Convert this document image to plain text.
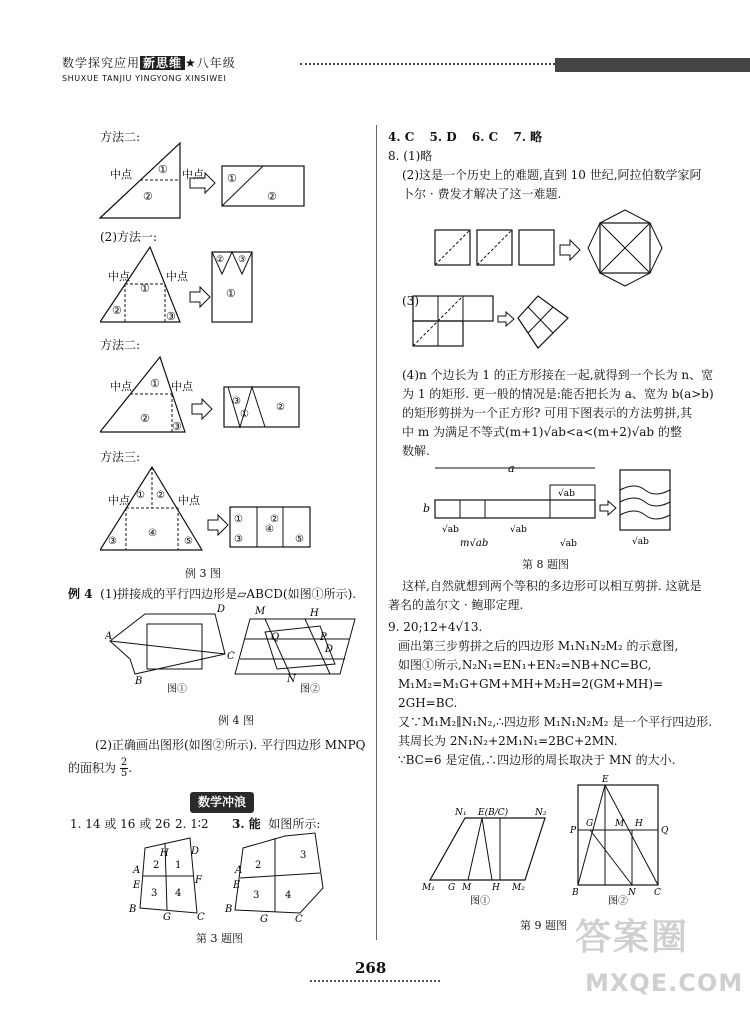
数学探究应用 新思维 ★八年级
SHUXUE TANJIU YINGYONG XINSIWEI
方法二:
中点 ①
②
中点 ①
②
(2)方法一:
中点	中点
①
②	③
② ③
①
方法二:
中点	中点
①
②
③
③
①
②
方法三:
中点	中点
① ②
④
③	⑤
①	②
③
④
⑤
例 3 图
例 4 (1)拼接成的平行四边形是▱ABCD(如图①所示).
A
D
C
B
图①
M	H
Q	P
D
N
图②
例 4 图
(2)正确画出图形(如图②所示). 平行四边形 MNPQ
的面积为 $\frac{2}{5}$ .
数学冲浪
1. 14 或 16 或 26 2. 1∶2 3. 能 如图所示:
2 1
3 4
H D
A
E	F
B
G	C
2
3
3	4
A
E
B
G	C
第 3 题图
4. C 5. D 6. C 7. 略
8. (1)略
(2)这是一个历史上的难题,直到 10 世纪,阿拉伯数学家阿
卜尔 · 费发才解决了这一难题.
(3)
(4)n 个边长为 1 的正方形接在一起,就得到一个长为 n、宽
为 1 的矩形. 更一般的情况是:能否把长为 a、宽为 b(a>b)
的矩形剪拼为一个正方形? 可用下图表示的方法剪拼,其
中 m 为满足不等式(m+1)√ab<a<(m+2)√ab 的整
数解.
a
√ab
b
√ab	√ab
m√ab	√ab	√ab
第 8 题图
这样,自然就想到两个等积的多边形可以相互剪拼. 这就是
著名的盖尔文 · 鲍耶定理.
9. 20;12+4√13.
画出第三步剪拼之后的四边形 M₁N₁N₂M₂ 的示意图,
如图①所示,N₂N₁=EN₁+EN₂=NB+NC=BC,
M₁M₂=M₁G+GM+MH+M₂H=2(GM+MH)=
2GH=BC.
又∵M₁M₂∥N₁N₂,∴四边形 M₁N₁N₂M₂ 是一个平行四边形.
其周长为 2N₁N₂+2M₁N₁=2BC+2MN.
∵BC=6 是定值,∴四边形的周长取决于 MN 的大小.
N₁ E(B/C)	N₂
M₁ G M H M₂
图①
E
P
G M H
Q
B	N C
图②
第 9 题图
268
答案圈
MXQE.COM
